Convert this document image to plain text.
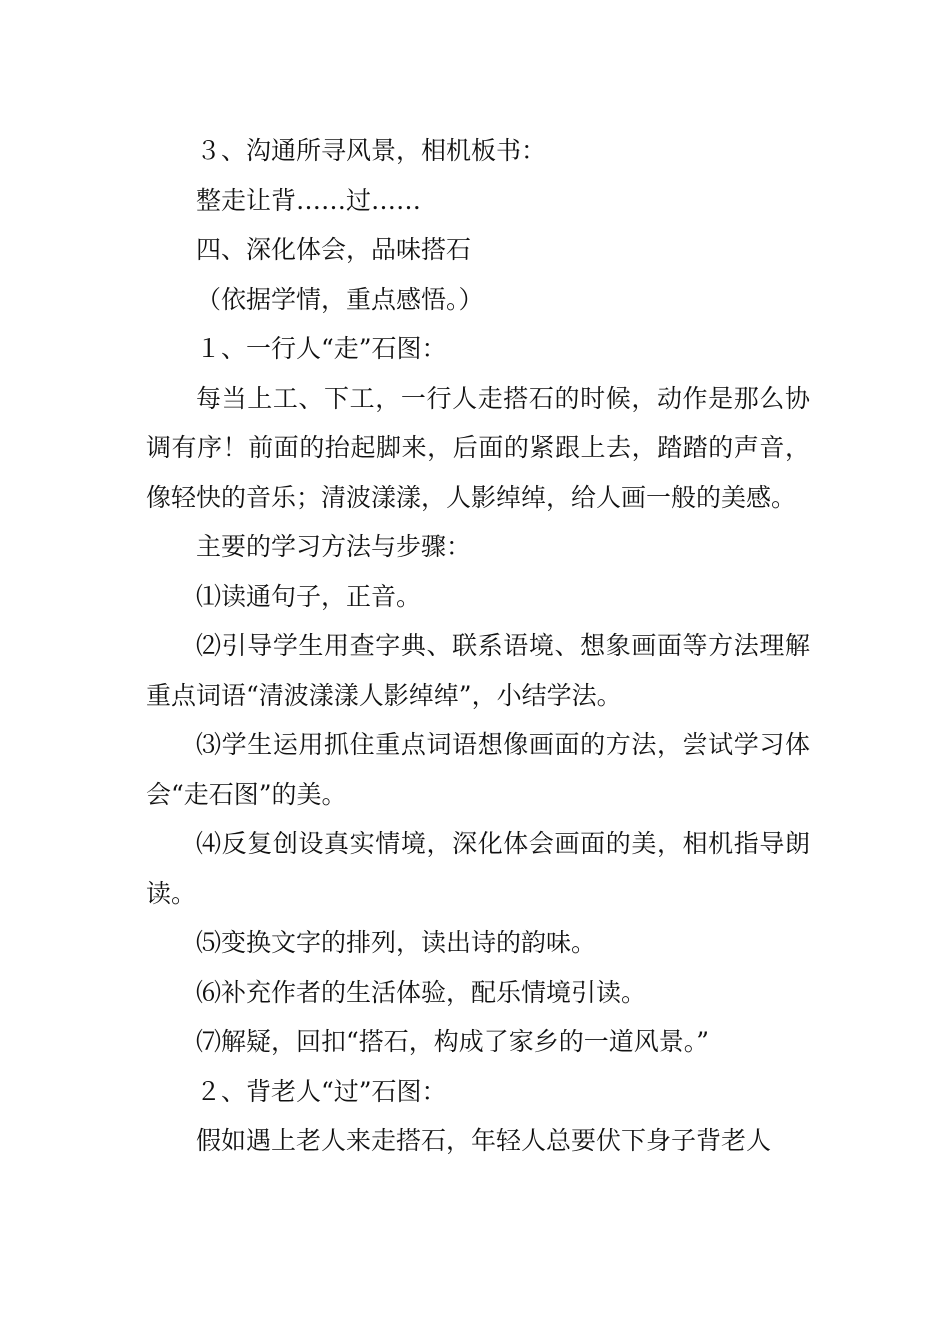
３、沟通所寻风景，相机板书：

整走让背……过……

四、深化体会，品味搭石

（依据学情，重点感悟。）

１、一行人“走”石图：

每当上工、下工，一行人走搭石的时候，动作是那么协调有序！前面的抬起脚来，后面的紧跟上去，踏踏的声音，像轻快的音乐；清波漾漾，人影绰绰，给人画一般的美感。

主要的学习方法与步骤：

⑴读通句子，正音。

⑵引导学生用查字典、联系语境、想象画面等方法理解重点词语“清波漾漾人影绰绰”，小结学法。

⑶学生运用抓住重点词语想像画面的方法，尝试学习体会“走石图”的美。

⑷反复创设真实情境，深化体会画面的美，相机指导朗读。

⑸变换文字的排列，读出诗的韵味。

⑹补充作者的生活体验，配乐情境引读。

⑺解疑，回扣“搭石，构成了家乡的一道风景。”

２、背老人“过”石图：

假如遇上老人来走搭石，年轻人总要伏下身子背老人
